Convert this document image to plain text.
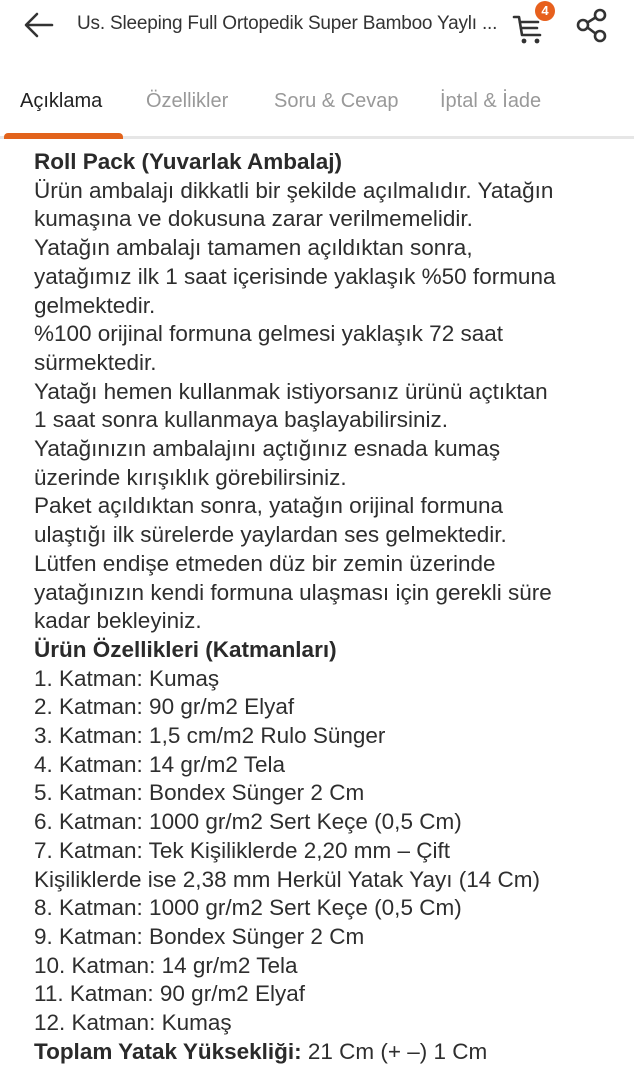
Us. Sleeping Full Ortopedik Super Bamboo Yaylı ...
4
Açıklama Özellikler Soru & Cevap İptal & İade
Roll Pack (Yuvarlak Ambalaj)
Ürün ambalajı dikkatli bir şekilde açılmalıdır. Yatağın
kumaşına ve dokusuna zarar verilmemelidir.
Yatağın ambalajı tamamen açıldıktan sonra,
yatağımız ilk 1 saat içerisinde yaklaşık %50 formuna
gelmektedir.
%100 orijinal formuna gelmesi yaklaşık 72 saat
sürmektedir.
Yatağı hemen kullanmak istiyorsanız ürünü açtıktan
1 saat sonra kullanmaya başlayabilirsiniz.
Yatağınızın ambalajını açtığınız esnada kumaş
üzerinde kırışıklık görebilirsiniz.
Paket açıldıktan sonra, yatağın orijinal formuna
ulaştığı ilk sürelerde yaylardan ses gelmektedir.
Lütfen endişe etmeden düz bir zemin üzerinde
yatağınızın kendi formuna ulaşması için gerekli süre
kadar bekleyiniz.
Ürün Özellikleri (Katmanları)
1. Katman: Kumaş
2. Katman: 90 gr/m2 Elyaf
3. Katman: 1,5 cm/m2 Rulo Sünger
4. Katman: 14 gr/m2 Tela
5. Katman: Bondex Sünger 2 Cm
6. Katman: 1000 gr/m2 Sert Keçe (0,5 Cm)
7. Katman: Tek Kişiliklerde 2,20 mm – Çift
Kişiliklerde ise 2,38 mm Herkül Yatak Yayı (14 Cm)
8. Katman: 1000 gr/m2 Sert Keçe (0,5 Cm)
9. Katman: Bondex Sünger 2 Cm
10. Katman: 14 gr/m2 Tela
11. Katman: 90 gr/m2 Elyaf
12. Katman: Kumaş
Toplam Yatak Yüksekliği: 21 Cm (+ –) 1 Cm
